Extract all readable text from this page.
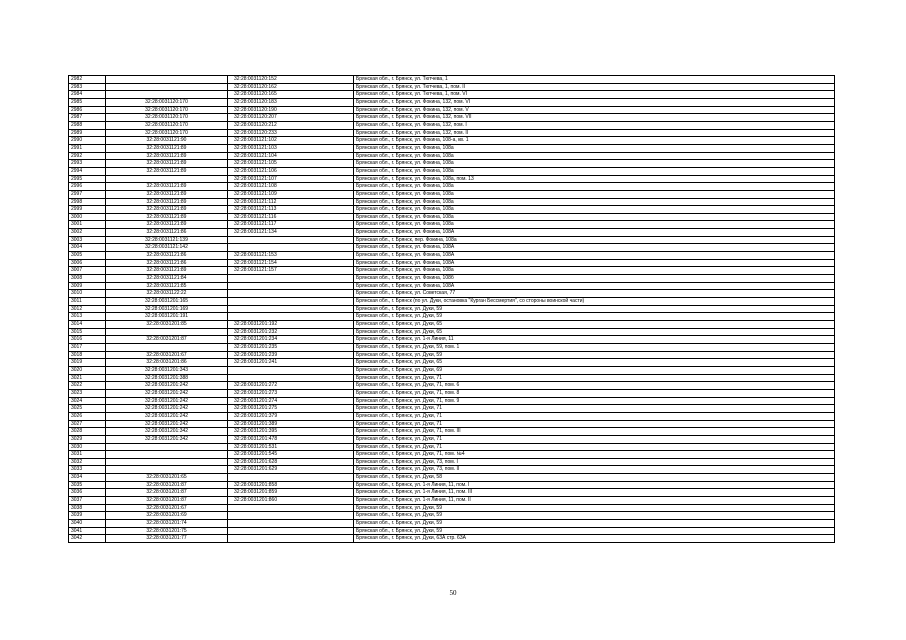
2982		32:28:0031120:152	Брянская обл., г. Брянск, ул. Тютчева, 1
2983		32:28:0031120:162	Брянская обл., г. Брянск, ул. Тютчева, 1, пом. II
2984		32:28:0031120:165	Брянская обл., г. Брянск, ул. Тютчева, 1, пом. VI
2985	32:28:0031120:170	32:28:0031120:183	Брянская обл., г. Брянск, ул. Фокина, 132, пом. VI
2986	32:28:0031120:170	32:28:0031120:190	Брянская обл., г. Брянск, ул. Фокина, 132, пом. V
2987	32:28:0031120:170	32:28:0031120:207	Брянская обл., г. Брянск, ул. Фокина, 132, пом. VII
2988	32:28:0031120:170	32:28:0031120:212	Брянская обл., г. Брянск, ул. Фокина, 132, пом. I
2989	32:28:0031120:170	32:28:0031120:233	Брянская обл., г. Брянск, ул. Фокина, 132, пом. II
2990	32:28:0031121:90	32:28:0031121:102	Брянская обл., г. Брянск, ул. Фокина, 108-а, кв. 1
2991	32:28:0031121:89	32:28:0031121:103	Брянская обл., г. Брянск, ул. Фокина, 108а
2992	32:28:0031121:89	32:28:0031121:104	Брянская обл., г. Брянск, ул. Фокина, 108а
2993	32:28:0031121:89	32:28:0031121:105	Брянская обл., г. Брянск, ул. Фокина, 108а
2994	32:28:0031121:89	32:28:0031121:106	Брянская обл., г. Брянск, ул. Фокина, 108а
2995		32:28:0031121:107	Брянская обл., г. Брянск, ул. Фокина, 108а, пом. 13
2996	32:28:0031121:89	32:28:0031121:108	Брянская обл., г. Брянск, ул. Фокина, 108а
2997	32:28:0031121:89	32:28:0031121:109	Брянская обл., г. Брянск, ул. Фокина, 108а
2998	32:28:0031121:89	32:28:0031121:112	Брянская обл., г. Брянск, ул. Фокина, 108а
2999	32:28:0031121:89	32:28:0031121:113	Брянская обл., г. Брянск, ул. Фокина, 108а
3000	32:28:0031121:89	32:28:0031121:116	Брянская обл., г. Брянск, ул. Фокина, 108а
3001	32:28:0031121:89	32:28:0031121:117	Брянская обл., г. Брянск, ул. Фокина, 108а
3002	32:28:0031121:86	32:28:0031121:134	Брянская обл., г. Брянск, ул. Фокина, 108А
3003	32:28:0031121:139		Брянская обл., г. Брянск, пер. Фокина, 108а
3004	32:28:0031121:142		Брянская обл., г. Брянск, ул. Фокина, 108А
3005	32:28:0031121:86	32:28:0031121:153	Брянская обл., г. Брянск, ул. Фокина, 108А
3006	32:28:0031121:86	32:28:0031121:154	Брянская обл., г. Брянск, ул. Фокина, 108А
3007	32:28:0031121:89	32:28:0031121:157	Брянская обл., г. Брянск, ул. Фокина, 108а
3008	32:28:0031121:84		Брянская обл., г. Брянск, ул. Фокина, 108б
3009	32:28:0031121:85		Брянская обл., г. Брянск, ул. Фокина, 108А
3010	32:28:0031122:22		Брянская обл., г. Брянск, ул. Советская, 77
3011	32:28:0031201:165		Брянская обл., г. Брянск (по ул. Дуки, остановка "Курган Бессмертия", со стороны воинской части)
3012	32:28:0031201:169		Брянская обл., г. Брянск, ул. Дуки, 59
3013	32:28:0031201:191		Брянская обл., г. Брянск, ул. Дуки, 59
3014	32:28:0031201:85	32:28:0031201:192	Брянская обл., г. Брянск, ул. Дуки, 65
3015		32:28:0031201:232	Брянская обл., г. Брянск, ул. Дуки, 65
3016	32:28:0031201:87	32:28:0031201:234	Брянская обл., г. Брянск, ул. 1-я Линия, 11
3017		32:28:0031201:235	Брянская обл., г. Брянск, ул. Дуки, 59, пом. 1
3018	32:28:0031201:67	32:28:0031201:239	Брянская обл., г. Брянск, ул. Дуки, 59
3019	32:28:0031201:86	32:28:0031201:241	Брянская обл., г. Брянск, ул. Дуки, 65
3020	32:28:0031201:343		Брянская обл., г. Брянск, ул. Дуки, 69
3021	32:28:0031201:388		Брянская обл., г. Брянск, ул. Дуки, 71
3022	32:28:0031201:242	32:28:0031201:272	Брянская обл., г. Брянск, ул. Дуки, 71, пом. 6
3023	32:28:0031201:242	32:28:0031201:273	Брянская обл., г. Брянск, ул. Дуки, 71, пом. 8
3024	32:28:0031201:242	32:28:0031201:274	Брянская обл., г. Брянск, ул. Дуки, 71, пом. 9
3025	32:28:0031201:242	32:28:0031201:275	Брянская обл., г. Брянск, ул. Дуки, 71
3026	32:28:0031201:242	32:28:0031201:379	Брянская обл., г. Брянск, ул. Дуки, 71
3027	32:28:0031201:242	32:28:0031201:389	Брянская обл., г. Брянск, ул. Дуки, 71
3028	32:28:0031201:342	32:28:0031201:395	Брянская обл., г. Брянск, ул. Дуки, 71, пом. III
3029	32:28:0031201:342	32:28:0031201:478	Брянская обл., г. Брянск, ул. Дуки, 71
3030		32:28:0031201:531	Брянская обл., г. Брянск, ул. Дуки, 71
3031		32:28:0031201:545	Брянская обл., г. Брянск, ул. Дуки, 71, пом. №4
3032		32:28:0031201:628	Брянская обл., г. Брянск, ул. Дуки, 73, пом. I
3033		32:28:0031201:629	Брянская обл., г. Брянск, ул. Дуки, 73, пом. II
3034	32:28:0031201:65		Брянская обл., г. Брянск, ул. Дуки, 58
3035	32:28:0031201:87	32:28:0031201:858	Брянская обл., г. Брянск, ул. 1-я Линия, 11, пом. I
3036	32:28:0031201:87	32:28:0031201:859	Брянская обл., г. Брянск, ул. 1-я Линия, 11, пом. III
3037	32:28:0031201:87	32:28:0031201:860	Брянская обл., г. Брянск, ул. 1-я Линия, 11, пом. II
3038	32:28:0031201:67		Брянская обл., г. Брянск, ул. Дуки, 59
3039	32:28:0031201:69		Брянская обл., г. Брянск, ул. Дуки, 59
3040	32:28:0031201:74		Брянская обл., г. Брянск, ул. Дуки, 59
3041	32:28:0031201:75		Брянская обл., г. Брянск, ул. Дуки, 59
3042	32:28:0031201:77		Брянская обл., г. Брянск, ул. Дуки, 63А стр. 63А
50
